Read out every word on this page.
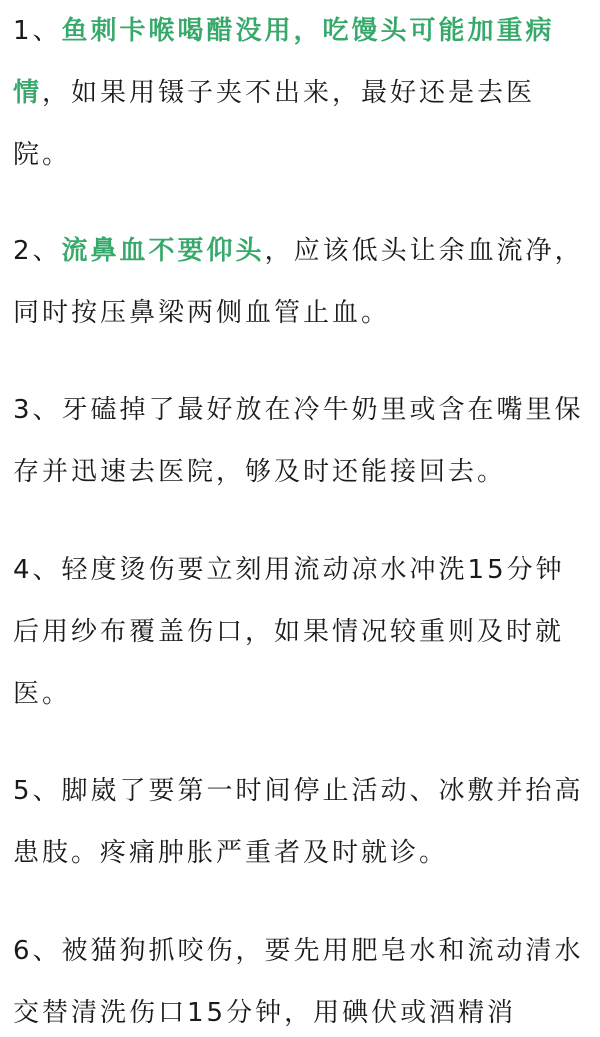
1、鱼刺卡喉喝醋没用，吃馒头可能加重病情，如果用镊子夹不出来，最好还是去医院。

2、流鼻血不要仰头，应该低头让余血流净，同时按压鼻梁两侧血管止血。

3、牙磕掉了最好放在冷牛奶里或含在嘴里保存并迅速去医院，够及时还能接回去。

4、轻度烫伤要立刻用流动凉水冲洗15分钟后用纱布覆盖伤口，如果情况较重则及时就医。

5、脚崴了要第一时间停止活动、冰敷并抬高患肢。疼痛肿胀严重者及时就诊。

6、被猫狗抓咬伤，要先用肥皂水和流动清水交替清洗伤口15分钟，用碘伏或酒精消
